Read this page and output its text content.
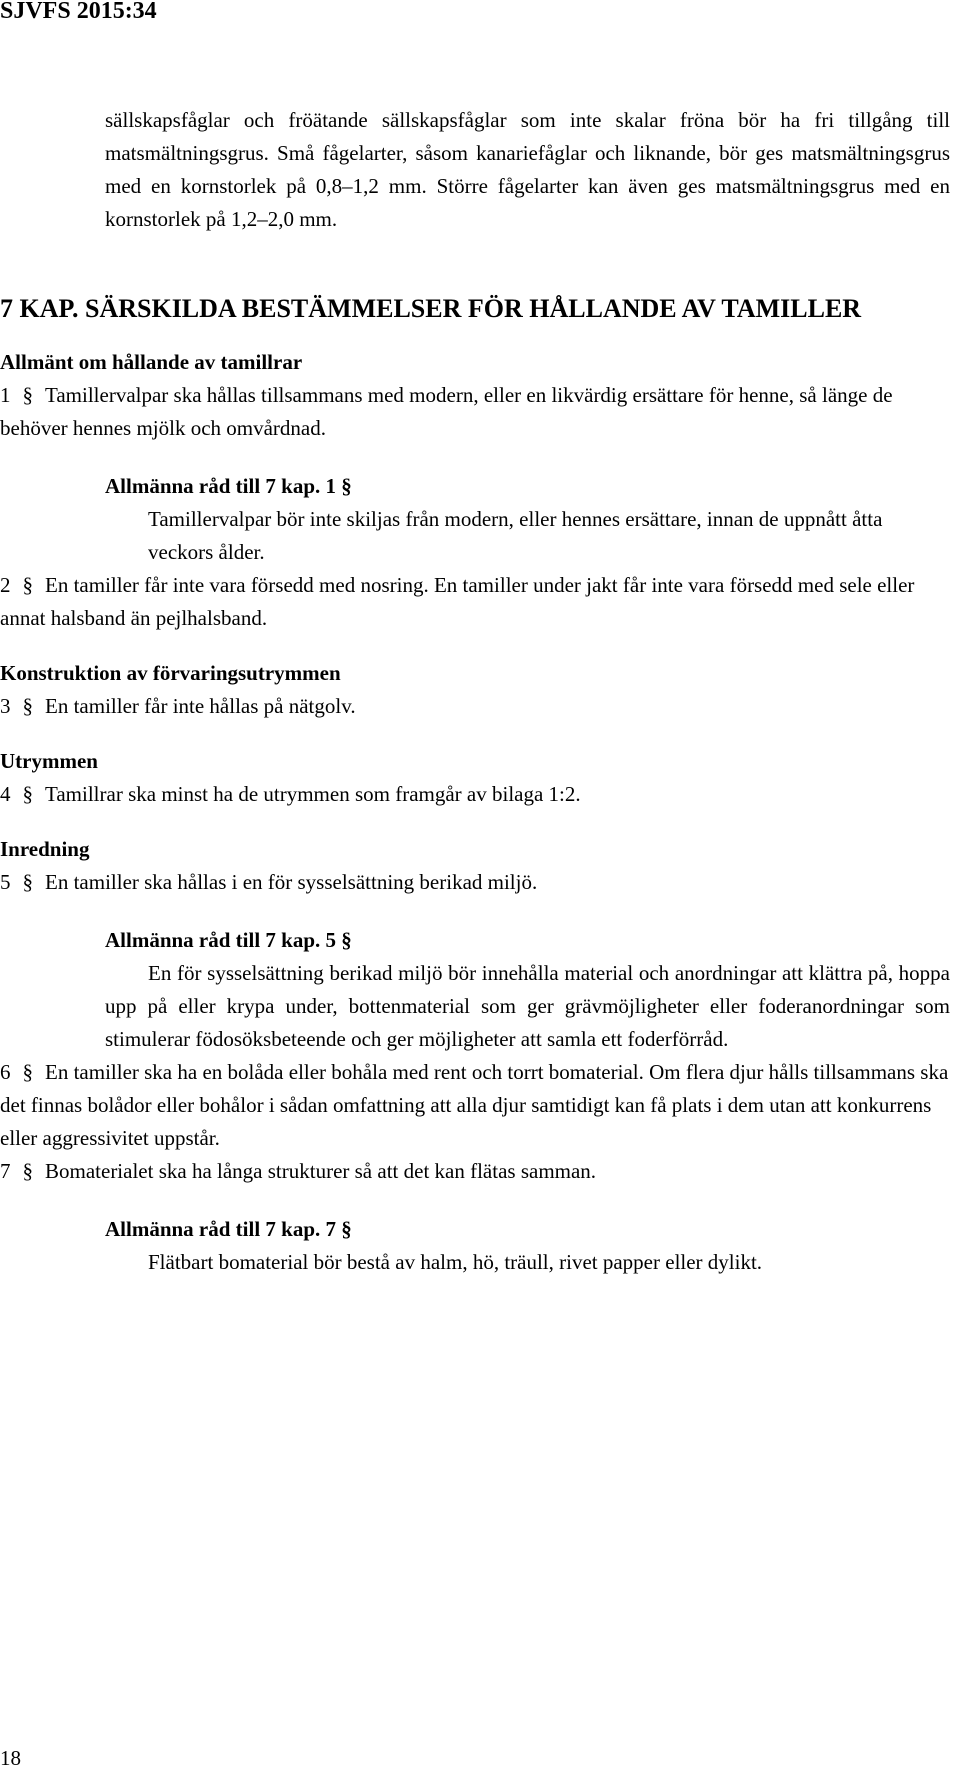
SJVFS 2015:34

sällskapsfåglar och fröätande sällskapsfåglar som inte skalar fröna bör ha fri tillgång till matsmältningsgrus. Små fågelarter, såsom kanariefåglar och liknande, bör ges matsmältningsgrus med en kornstorlek på 0,8–1,2 mm. Större fågelarter kan även ges matsmältningsgrus med en kornstorlek på 1,2–2,0 mm.

7 KAP. SÄRSKILDA BESTÄMMELSER FÖR HÅLLANDE AV TAMILLER
Allmänt om hållande av tamillrar

1 § Tamillervalpar ska hållas tillsammans med modern, eller en likvärdig ersättare för henne, så länge de behöver hennes mjölk och omvårdnad.

Allmänna råd till 7 kap. 1 §
Tamillervalpar bör inte skiljas från modern, eller hennes ersättare, innan de uppnått åtta veckors ålder.

2 § En tamiller får inte vara försedd med nosring. En tamiller under jakt får inte vara försedd med sele eller annat halsband än pejlhalsband.

Konstruktion av förvaringsutrymmen

3 § En tamiller får inte hållas på nätgolv.

Utrymmen

4 § Tamillrar ska minst ha de utrymmen som framgår av bilaga 1:2.

Inredning

5 § En tamiller ska hållas i en för sysselsättning berikad miljö.

Allmänna råd till 7 kap. 5 §
En för sysselsättning berikad miljö bör innehålla material och anordningar att klättra på, hoppa upp på eller krypa under, bottenmaterial som ger grävmöjligheter eller foderanordningar som stimulerar födosöksbeteende och ger möjligheter att samla ett foderförråd.

6 § En tamiller ska ha en bolåda eller bohåla med rent och torrt bomaterial. Om flera djur hålls tillsammans ska det finnas bolådor eller bohålor i sådan omfattning att alla djur samtidigt kan få plats i dem utan att konkurrens eller aggressivitet uppstår.

7 § Bomaterialet ska ha långa strukturer så att det kan flätas samman.

Allmänna råd till 7 kap. 7 §
Flätbart bomaterial bör bestå av halm, hö, träull, rivet papper eller dylikt.
18
